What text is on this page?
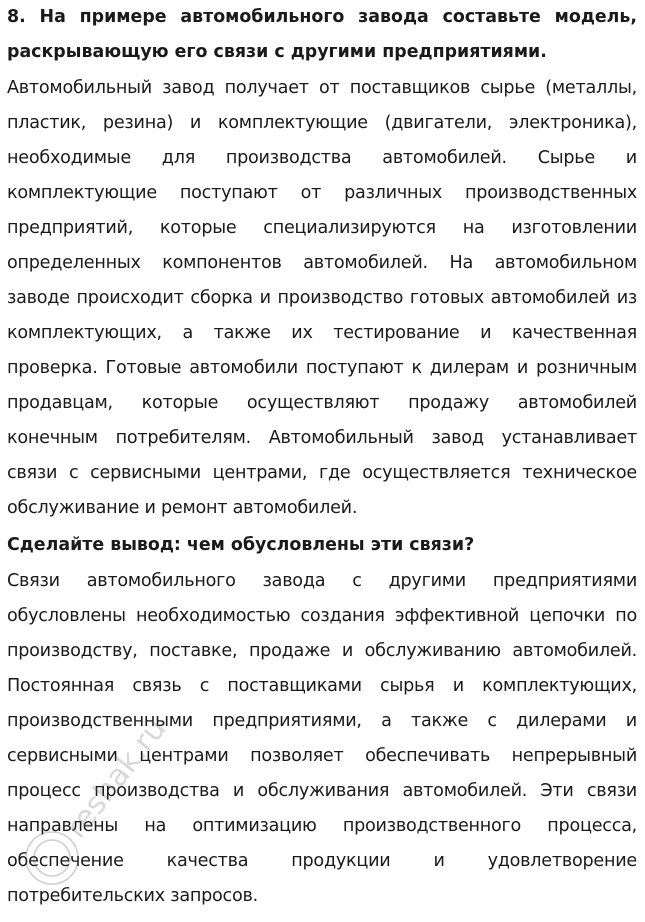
8. На примере автомобильного завода составьте модель, раскрывающую его связи с другими предприятиями.

Автомобильный завод получает от поставщиков сырье (металлы, пластик, резина) и комплектующие (двигатели, электроника), необходимые для производства автомобилей. Сырье и комплектующие поступают от различных производственных предприятий, которые специализируются на изготовлении определенных компонентов автомобилей. На автомобильном заводе происходит сборка и производство готовых автомобилей из комплектующих, а также их тестирование и качественная проверка. Готовые автомобили поступают к дилерам и розничным продавцам, которые осуществляют продажу автомобилей конечным потребителям. Автомобильный завод устанавливает связи с сервисными центрами, где осуществляется техническое обслуживание и ремонт автомобилей.

Сделайте вывод: чем обусловлены эти связи?

Связи автомобильного завода с другими предприятиями обусловлены необходимостью создания эффективной цепочки по производству, поставке, продаже и обслуживанию автомобилей. Постоянная связь с поставщиками сырья и комплектующих, производственными предприятиями, а также с дилерами и сервисными центрами позволяет обеспечивать непрерывный процесс производства и обслуживания автомобилей. Эти связи направлены на оптимизацию производственного процесса, обеспечение качества продукции и удовлетворение потребительских запросов.

reshak.ru
